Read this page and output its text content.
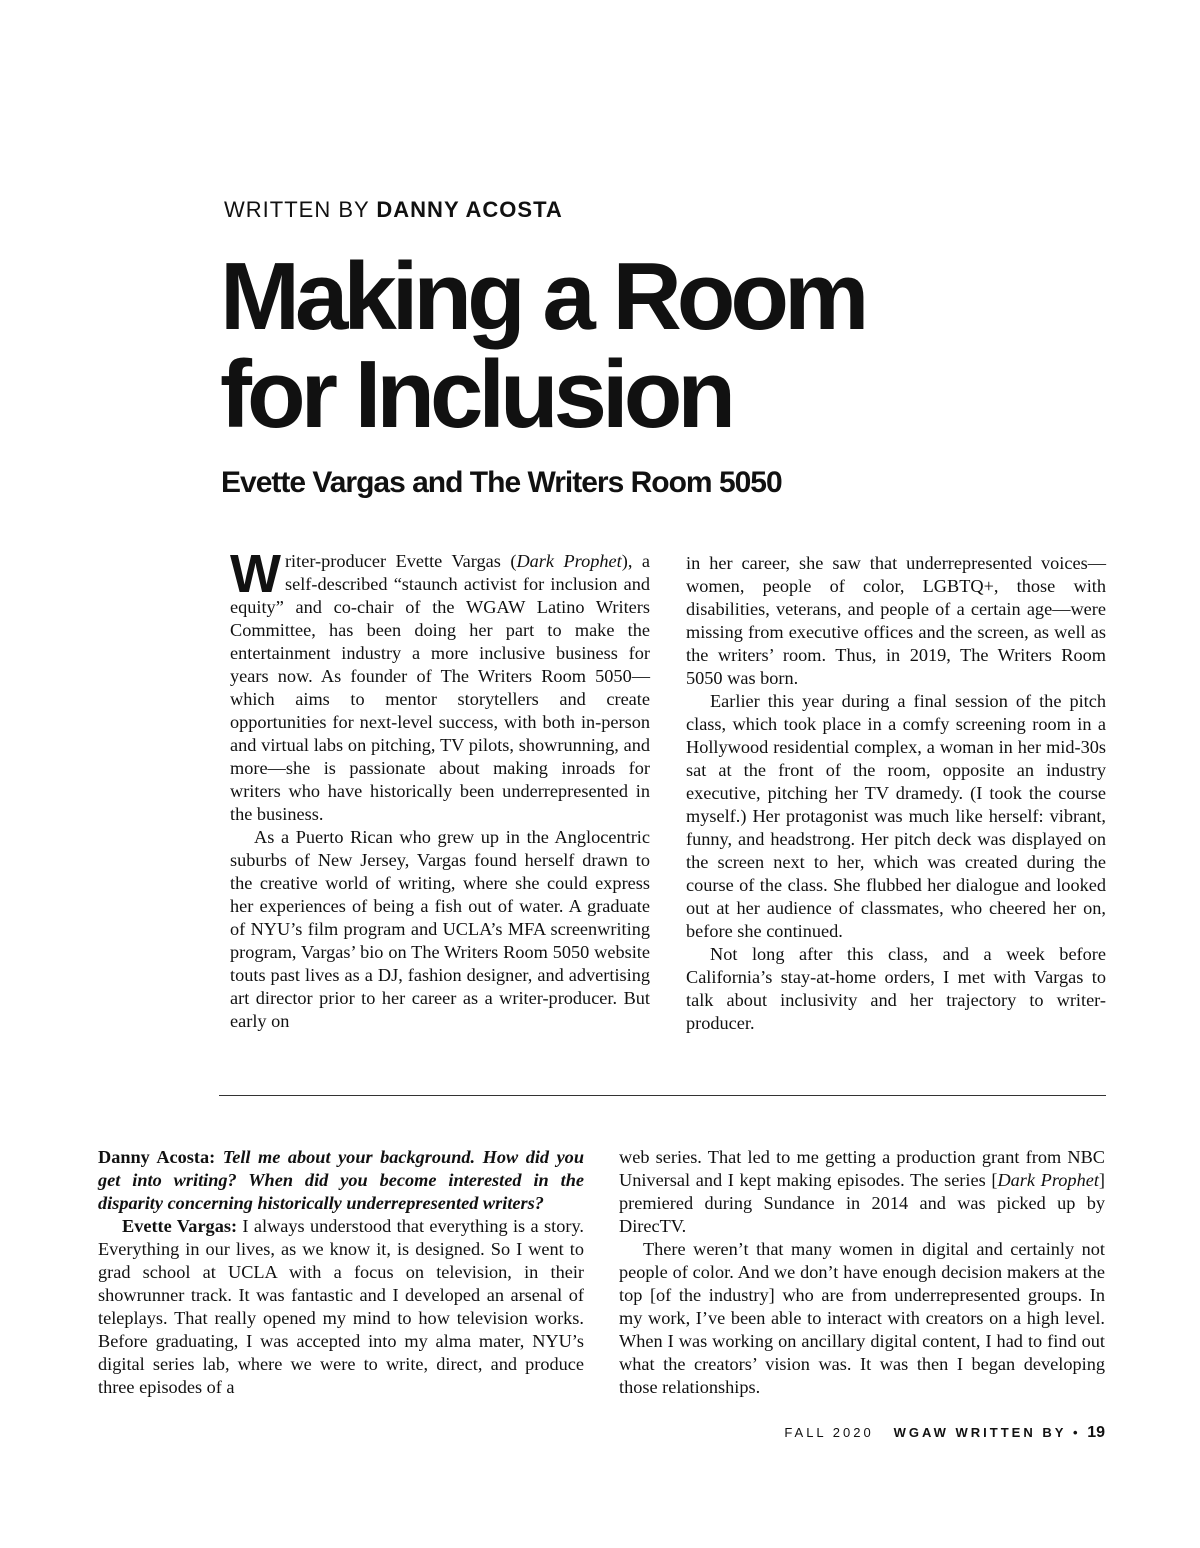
WRITTEN BY DANNY ACOSTA
Making a Room
for Inclusion
Evette Vargas and The Writers Room 5050

Writer-producer Evette Vargas (Dark Prophet), a self-described “staunch activist for inclusion and equity” and co-chair of the WGAW Latino Writers Committee, has been doing her part to make the entertainment industry a more inclusive business for years now. As founder of The Writers Room 5050—which aims to mentor storytellers and create opportunities for next-level success, with both in-person and virtual labs on pitching, TV pilots, showrunning, and more—she is passionate about making inroads for writers who have historically been underrepresented in the business.

As a Puerto Rican who grew up in the Anglocentric suburbs of New Jersey, Vargas found herself drawn to the creative world of writing, where she could express her experiences of being a fish out of water. A graduate of NYU’s film program and UCLA’s MFA screenwriting program, Vargas’ bio on The Writers Room 5050 website touts past lives as a DJ, fashion designer, and advertising art director prior to her career as a writer-producer. But early on

in her career, she saw that underrepresented voices—women, people of color, LGBTQ+, those with disabilities, veterans, and people of a certain age—were missing from executive offices and the screen, as well as the writers’ room. Thus, in 2019, The Writers Room 5050 was born.

Earlier this year during a final session of the pitch class, which took place in a comfy screening room in a Hollywood residential complex, a woman in her mid-30s sat at the front of the room, opposite an industry executive, pitching her TV dramedy. (I took the course myself.) Her protagonist was much like herself: vibrant, funny, and headstrong. Her pitch deck was displayed on the screen next to her, which was created during the course of the class. She flubbed her dialogue and looked out at her audience of classmates, who cheered her on, before she continued.

Not long after this class, and a week before California’s stay-at-home orders, I met with Vargas to talk about inclusivity and her trajectory to writer-producer.

Danny Acosta: Tell me about your background. How did you get into writing? When did you become interested in the disparity concerning historically underrepresented writers?

Evette Vargas: I always understood that everything is a story. Everything in our lives, as we know it, is designed. So I went to grad school at UCLA with a focus on television, in their showrunner track. It was fantastic and I developed an arsenal of teleplays. That really opened my mind to how television works. Before graduating, I was accepted into my alma mater, NYU’s digital series lab, where we were to write, direct, and produce three episodes of a

web series. That led to me getting a production grant from NBC Universal and I kept making episodes. The series [Dark Prophet] premiered during Sundance in 2014 and was picked up by DirecTV.

There weren’t that many women in digital and certainly not people of color. And we don’t have enough decision makers at the top [of the industry] who are from underrepresented groups. In my work, I’ve been able to interact with creators on a high level. When I was working on ancillary digital content, I had to find out what the creators’ vision was. It was then I began developing those relationships.

FALL 2020 WGAW WRITTEN BY • 19
